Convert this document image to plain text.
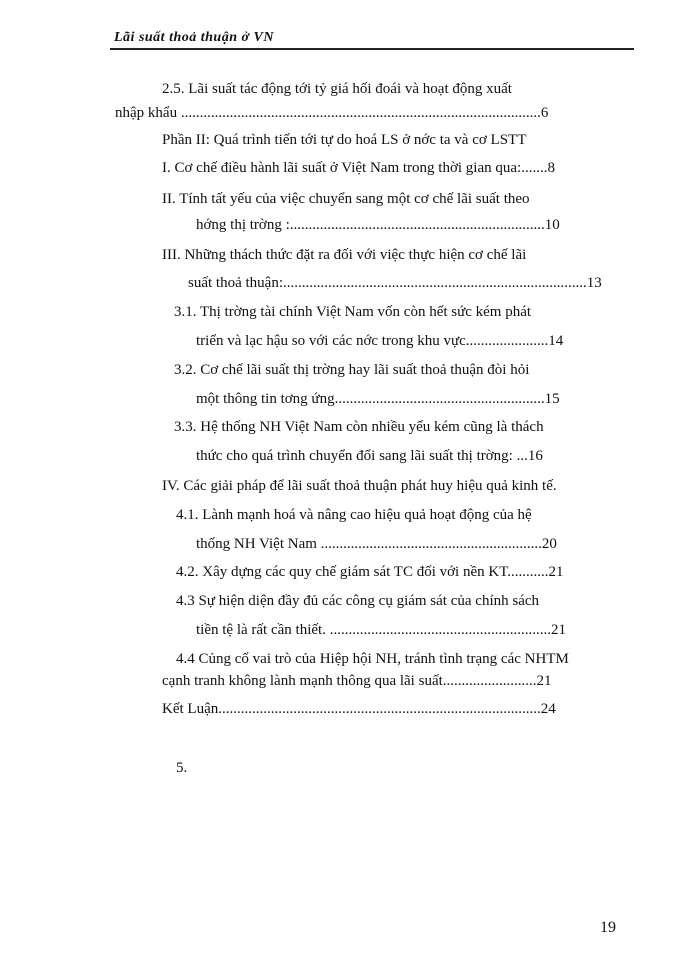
Lãi suất thoả thuận ở VN
2.5. Lãi suất tác động tới tỷ giá hối đoái và hoạt động xuất
nhập khẩu ................................................................................................6
Phần II: Quá trình tiến tới tự do hoá LS ở nớc ta và cơ LSTT
I. Cơ chế điều hành lãi suất ở Việt Nam trong thời gian qua:.......8
II. Tính tất yếu của việc chuyển sang một cơ chế lãi suất theo
hớng thị trờng :....................................................................10
III. Những thách thức đặt ra đối với việc thực hiện cơ chế lãi
suất thoả thuận:.................................................................................13
3.1. Thị trờng tài chính Việt Nam vốn còn hết sức kém phát
triển và lạc hậu so với các nớc trong khu vực......................14
3.2. Cơ chế lãi suất thị trờng hay lãi suất thoả thuận đòi hỏi
một thông tin tơng ứng........................................................15
3.3. Hệ thống NH Việt Nam còn nhiều yếu kém cũng là thách
thức cho quá trình chuyển đổi sang lãi suất thị trờng: ...16
IV. Các giải pháp để lãi suất thoả thuận phát huy hiệu quả kinh tế.
4.1. Lành mạnh hoá và nâng cao hiệu quả hoạt động của hệ
thống NH Việt Nam ...........................................................20
4.2. Xây dựng các quy chế giám sát TC đối với nền KT...........21
4.3 Sự hiện diện đầy đủ các công cụ giám sát của chính sách
tiền tệ là rất cần thiết. ...........................................................21
4.4 Củng cố vai trò của Hiệp hội NH, tránh tình trạng các NHTM
cạnh tranh không lành mạnh thông qua lãi suất.........................21
Kết Luận......................................................................................24
5.
19
